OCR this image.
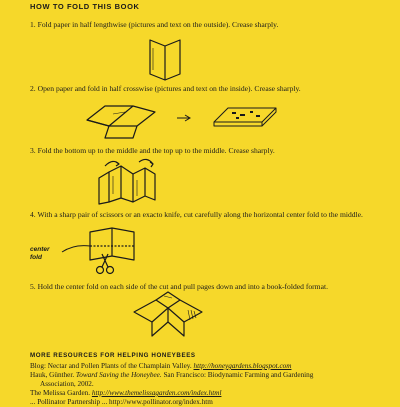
HOW TO FOLD THIS BOOK
1. Fold paper in half lengthwise (pictures and text on the outside). Crease sharply.
2. Open paper and fold in half crosswise (pictures and text on the inside). Crease sharply.
3. Fold the bottom up to the middle and the top up to the middle. Crease sharply.
4. With a sharp pair of scissors or an exacto knife, cut carefully along the horizontal center fold to the middle.
center
fold
5. Hold the center fold on each side of the cut and pull pages down and into a book-folded format.
MORE RESOURCES FOR HELPING HONEYBEES
Blog: Nectar and Pollen Plants of the Champlain Valley. http://honeygardens.blogspot.com
Hauk, Günther. Toward Saving the Honeybee. San Francisco: Biodynamic Farming and Gardening
Association, 2002.
The Melissa Garden. http://www.themelissagarden.com/index.html
... Pollinator Partnership ... http://www.pollinator.org/index.htm
